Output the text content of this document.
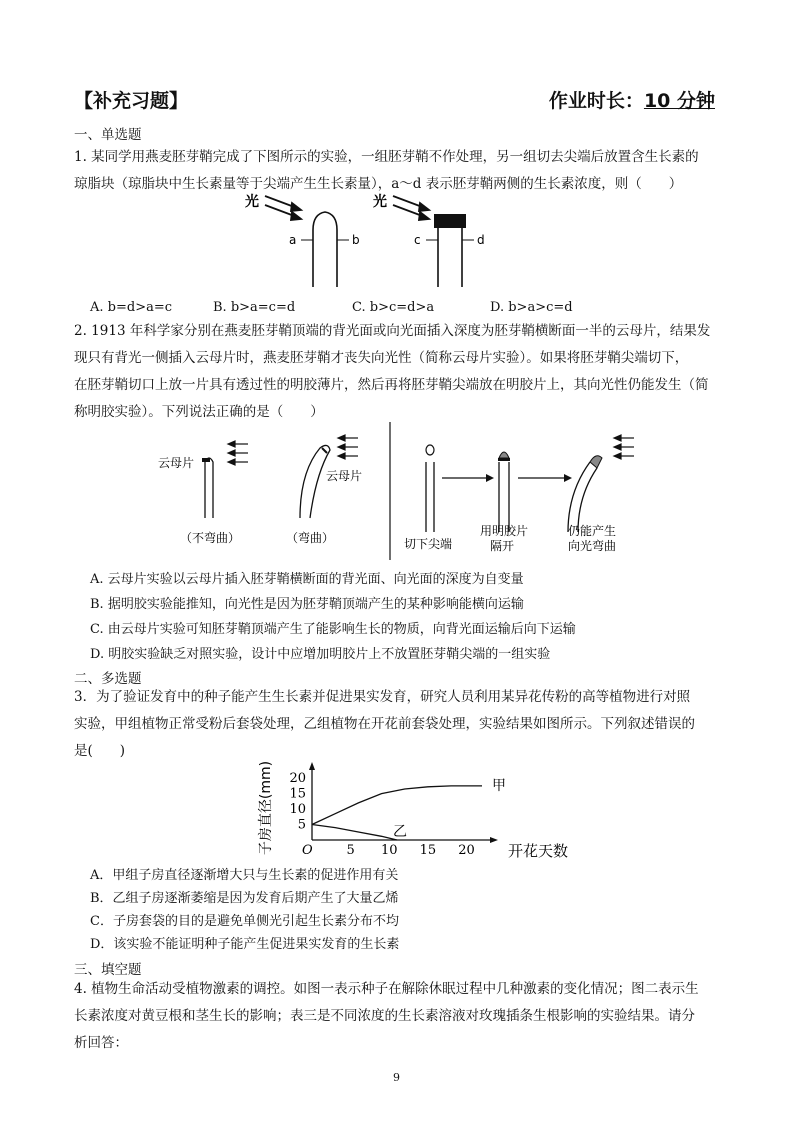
【补充习题】	作业时长：10 分钟
一、单选题
1. 某同学用燕麦胚芽鞘完成了下图所示的实验，一组胚芽鞘不作处理，另一组切去尖端后放置含生长素的
琼脂块（琼脂块中生长素量等于尖端产生生长素量），a～d 表示胚芽鞘两侧的生长素浓度，则（　　）
光
a	b
光
c	d
A. b=d>a=c	B. b>a=c=d	C. b>c=d>a	D. b>a>c=d
2. 1913 年科学家分别在燕麦胚芽鞘顶端的背光面或向光面插入深度为胚芽鞘横断面一半的云母片，结果发
现只有背光一侧插入云母片时，燕麦胚芽鞘才丧失向光性（简称云母片实验）。如果将胚芽鞘尖端切下，
在胚芽鞘切口上放一片具有透过性的明胶薄片，然后再将胚芽鞘尖端放在明胶片上，其向光性仍能发生（简
称明胶实验）。下列说法正确的是（　　）
云母片
（不弯曲）
云母片
（弯曲）	切下尖端
用明胶片
隔开
仍能产生
向光弯曲
A. 云母片实验以云母片插入胚芽鞘横断面的背光面、向光面的深度为自变量
B. 据明胶实验能推知，向光性是因为胚芽鞘顶端产生的某种影响能横向运输
C. 由云母片实验可知胚芽鞘顶端产生了能影响生长的物质，向背光面运输后向下运输
D. 明胶实验缺乏对照实验，设计中应增加明胶片上不放置胚芽鞘尖端的一组实验
二、多选题
3．为了验证发育中的种子能产生生长素并促进果实发育，研究人员利用某异花传粉的高等植物进行对照
实验，甲组植物正常受粉后套袋处理，乙组植物在开花前套袋处理，实验结果如图所示。下列叙述错误的
是(　　)
O	5 10 15 20
5
10
15
20
开花天数
子房直径(mm)	甲
乙
A．甲组子房直径逐渐增大只与生长素的促进作用有关
B．乙组子房逐渐萎缩是因为发育后期产生了大量乙烯
C．子房套袋的目的是避免单侧光引起生长素分布不均
D．该实验不能证明种子能产生促进果实发育的生长素
三、填空题
4. 植物生命活动受植物激素的调控。如图一表示种子在解除休眠过程中几种激素的变化情况；图二表示生
长素浓度对黄豆根和茎生长的影响；表三是不同浓度的生长素溶液对玫瑰插条生根影响的实验结果。请分
析回答：
9
